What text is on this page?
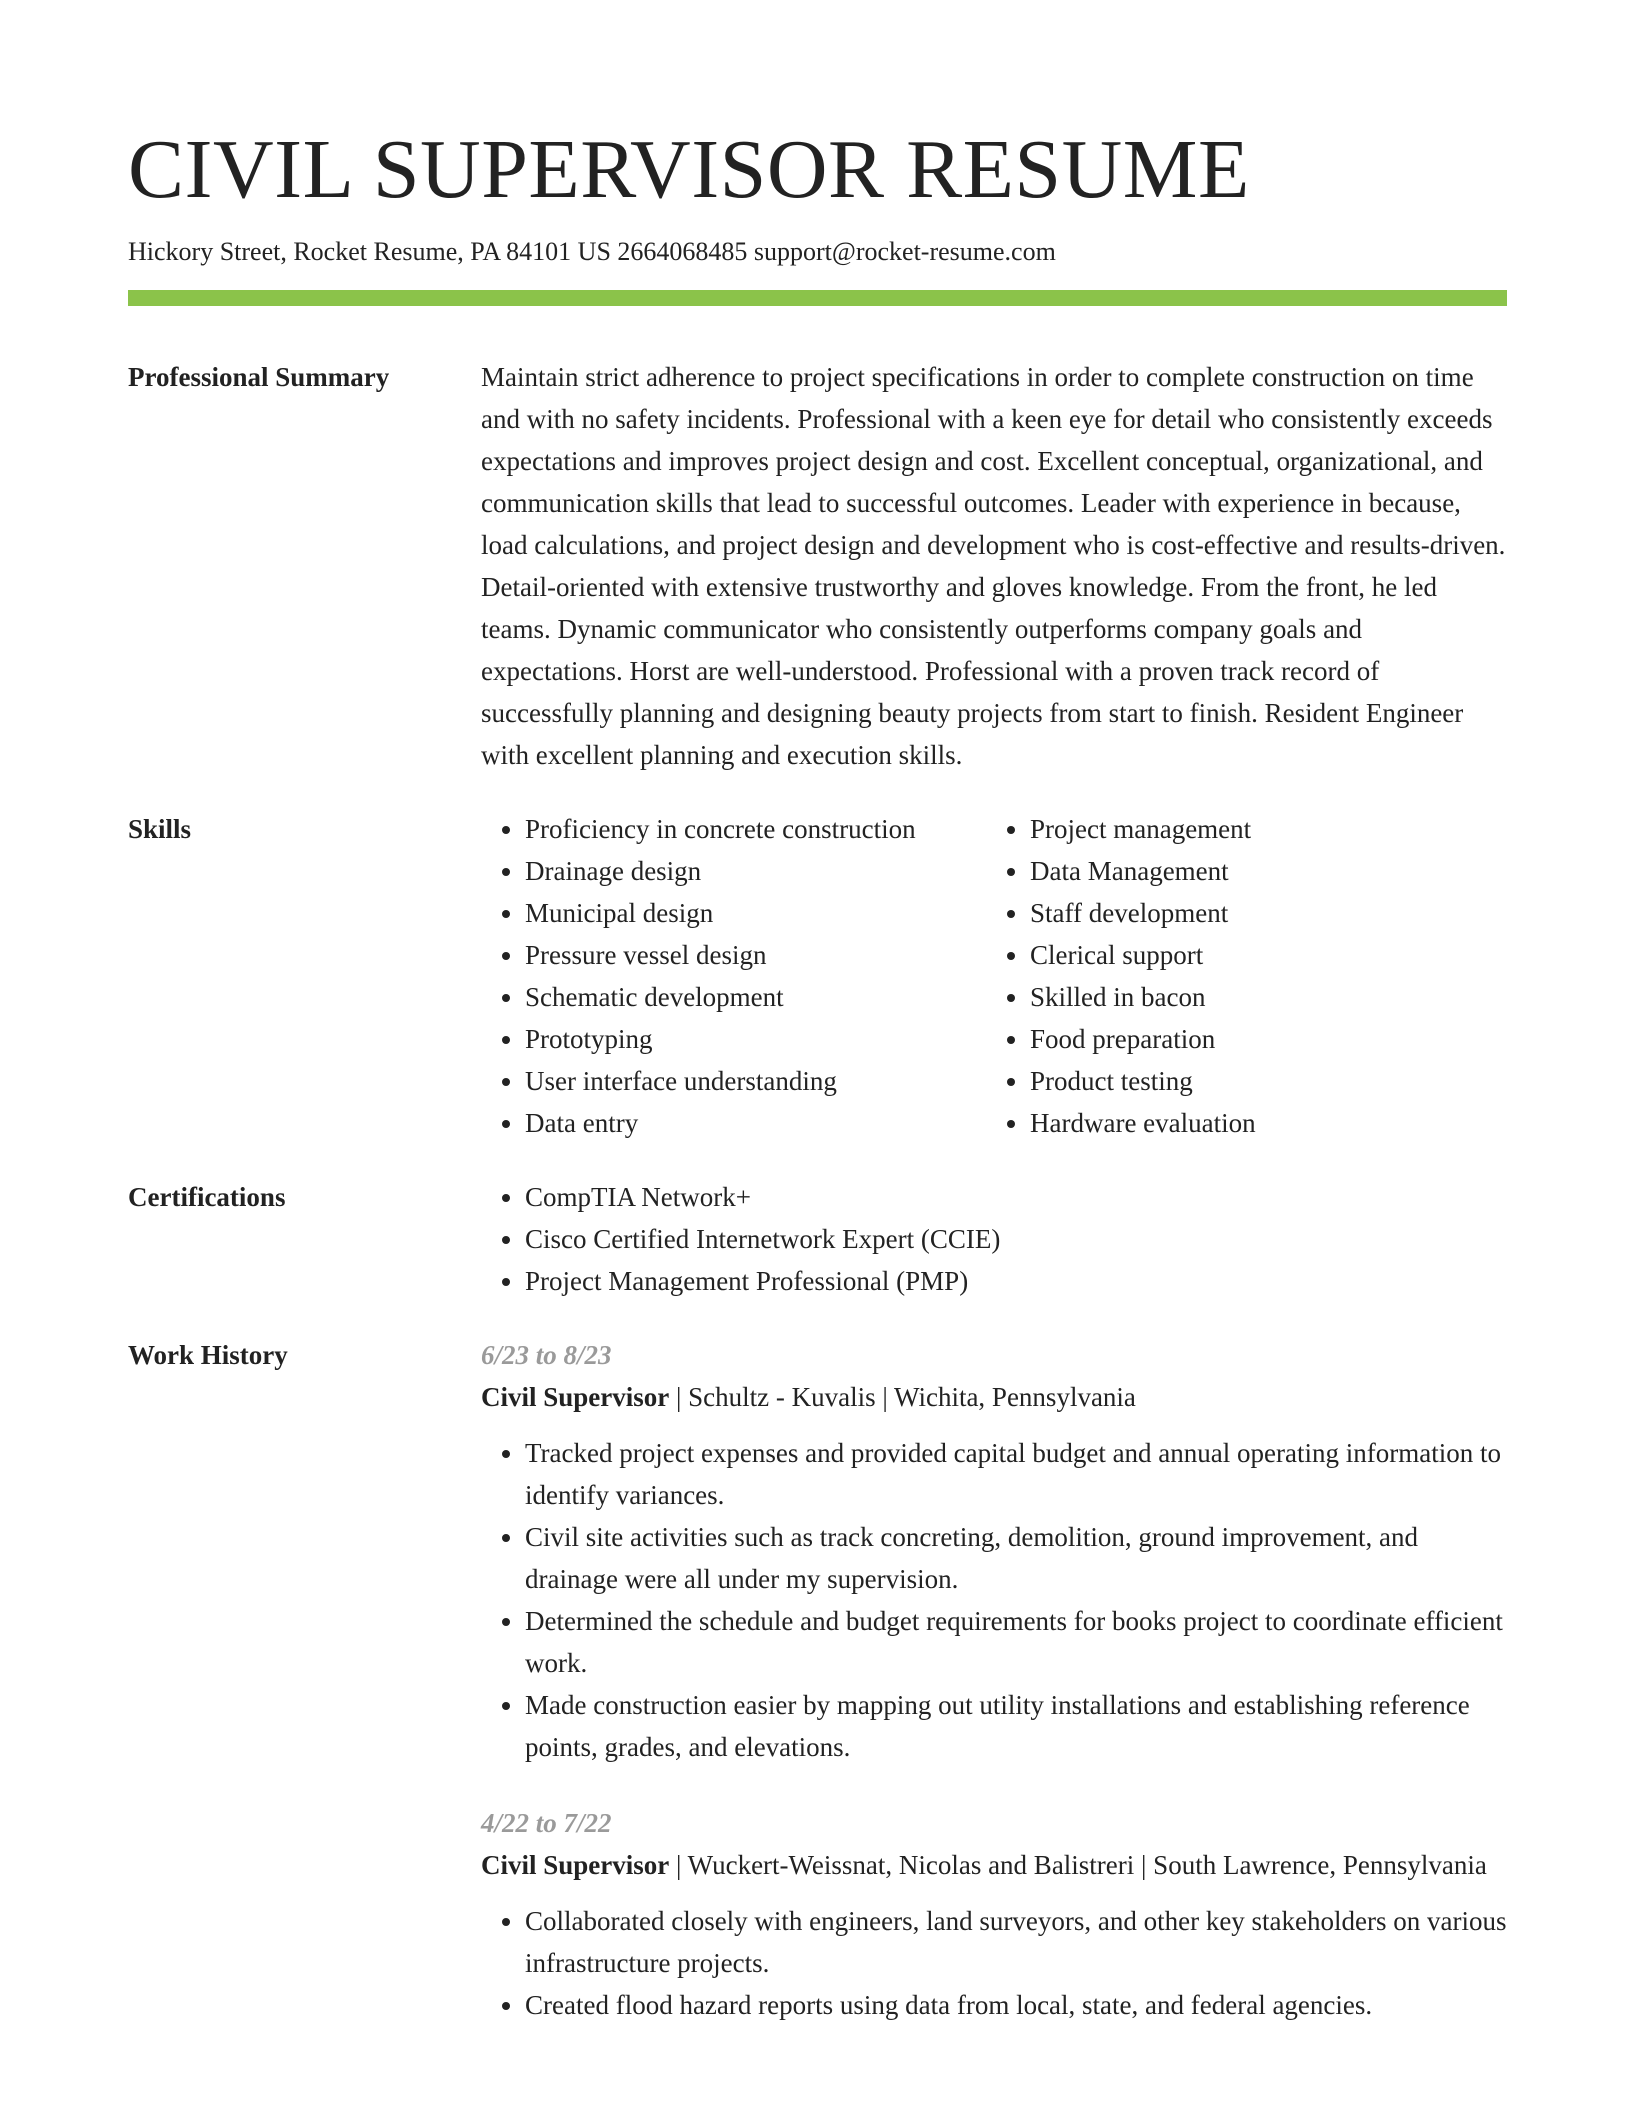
CIVIL SUPERVISOR RESUME
Hickory Street, Rocket Resume, PA 84101 US 2664068485 support@rocket-resume.com
Professional Summary	Maintain strict adherence to project specifications in order to complete construction on time and with no safety incidents. Professional with a keen eye for detail who consistently exceeds expectations and improves project design and cost. Excellent conceptual, organizational, and communication skills that lead to successful outcomes. Leader with experience in because, load calculations, and project design and development who is cost-effective and results-driven. Detail-oriented with extensive trustworthy and gloves knowledge. From the front, he led teams. Dynamic communicator who consistently outperforms company goals and expectations. Horst are well-understood. Professional with a proven track record of successfully planning and designing beauty projects from start to finish. Resident Engineer with excellent planning and execution skills.

Skills	• Proficiency in concrete construction
• Drainage design
• Municipal design
• Pressure vessel design
• Schematic development
• Prototyping
• User interface understanding
• Data entry
• Project management
• Data Management
• Staff development
• Clerical support
• Skilled in bacon
• Food preparation
• Product testing
• Hardware evaluation
Certifications	• CompTIA Network+
• Cisco Certified Internetwork Expert (CCIE)
• Project Management Professional (PMP)
Work History	6/23 to 8/23
Civil Supervisor | Schultz - Kuvalis | Wichita, Pennsylvania
• Tracked project expenses and provided capital budget and annual operating information to identify variances.
• Civil site activities such as track concreting, demolition, ground improvement, and drainage were all under my supervision.
• Determined the schedule and budget requirements for books project to coordinate efficient work.
• Made construction easier by mapping out utility installations and establishing reference points, grades, and elevations.
4/22 to 7/22
Civil Supervisor | Wuckert-Weissnat, Nicolas and Balistreri | South Lawrence, Pennsylvania
• Collaborated closely with engineers, land surveyors, and other key stakeholders on various infrastructure projects.
• Created flood hazard reports using data from local, state, and federal agencies.
